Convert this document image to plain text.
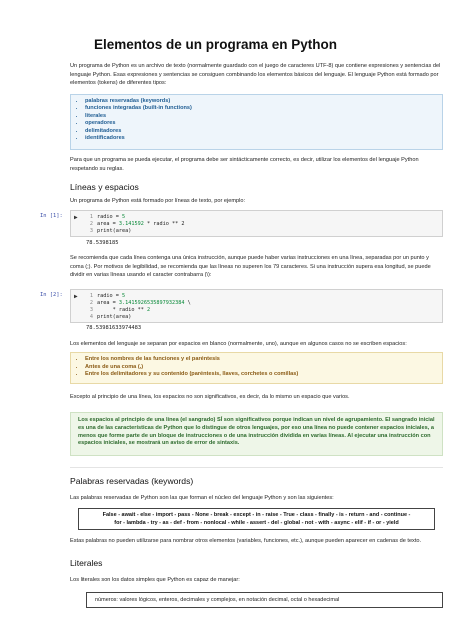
Elementos de un programa en Python

Un programa de Python es un archivo de texto (normalmente guardado con el juego de caracteres UTF-8) que contiene expresiones y sentencias del lenguaje Python. Esas expresiones y sentencias se consiguen combinando los elementos básicos del lenguaje. El lenguaje Python está formado por elementos (tokens) de diferentes tipos:

• palabras reservadas (keywords)
• funciones integradas (built-in functions)
• literales
• operadores
• delimitadores
• identificadores

Para que un programa se pueda ejecutar, el programa debe ser sintácticamente correcto, es decir, utilizar los elementos del lenguaje Python respetando su reglas.

Líneas y espacios

Un programa de Python está formado por líneas de texto, por ejemplo:

In [1]: ▶	1 radio = 5
2 area = 3.141592 * radio ** 2
3 print(area)
78.5398185

Se recomienda que cada línea contenga una única instrucción, aunque puede haber varias instrucciones en una línea, separadas por un punto y coma (;). Por motivos de legibilidad, se recomienda que las líneas no superen los 79 caracteres. Si una instrucción supera esa longitud, se puede dividir en varias líneas usando el caracter contrabarra (\):

In [2]: ▶	1 radio = 5
2 area = 3.1415926535897932384 \
3     * radio ** 2
4 print(area)
78.53981633974483

Los elementos del lenguaje se separan por espacios en blanco (normalmente, uno), aunque en algunos casos no se escriben espacios:

• Entre los nombres de las funciones y el paréntesis
• Antes de una coma (,)
• Entre los delimitadores y su contenido (paréntesis, llaves, corchetes o comillas)

Excepto al principio de una línea, los espacios no son significativos, es decir, da lo mismo un espacio que varios.

Los espacios al principio de una línea (el sangrado) SÍ son significativos porque indican un nivel de agrupamiento. El sangrado inicial es una de las características de Python que lo distingue de otros lenguajes, por eso una línea no puede contener espacios iniciales, a menos que forme parte de un bloque de instrucciones o de una instrucción dividida en varias líneas. Al ejecutar una instrucción con espacios iniciales, se mostrará un aviso de error de sintaxis.

Palabras reservadas (keywords)

Las palabras reservadas de Python son las que forman el núcleo del lenguaje Python y son las siguientes:

False - await - else - import - pass - None - break - except - in - raise - True - class - finally - is - return - and - continue -

for - lambda - try - as - def - from - nonlocal - while - assert - del - global - not - with - async - elif - if - or - yield

Estas palabras no pueden utilizarse para nombrar otros elementos (variables, funciones, etc.), aunque pueden aparecer en cadenas de texto.

Literales

Los literales son los datos simples que Python es capaz de manejar:

números: valores lógicos, enteros, decimales y complejos, en notación decimal, octal o hexadecimal
